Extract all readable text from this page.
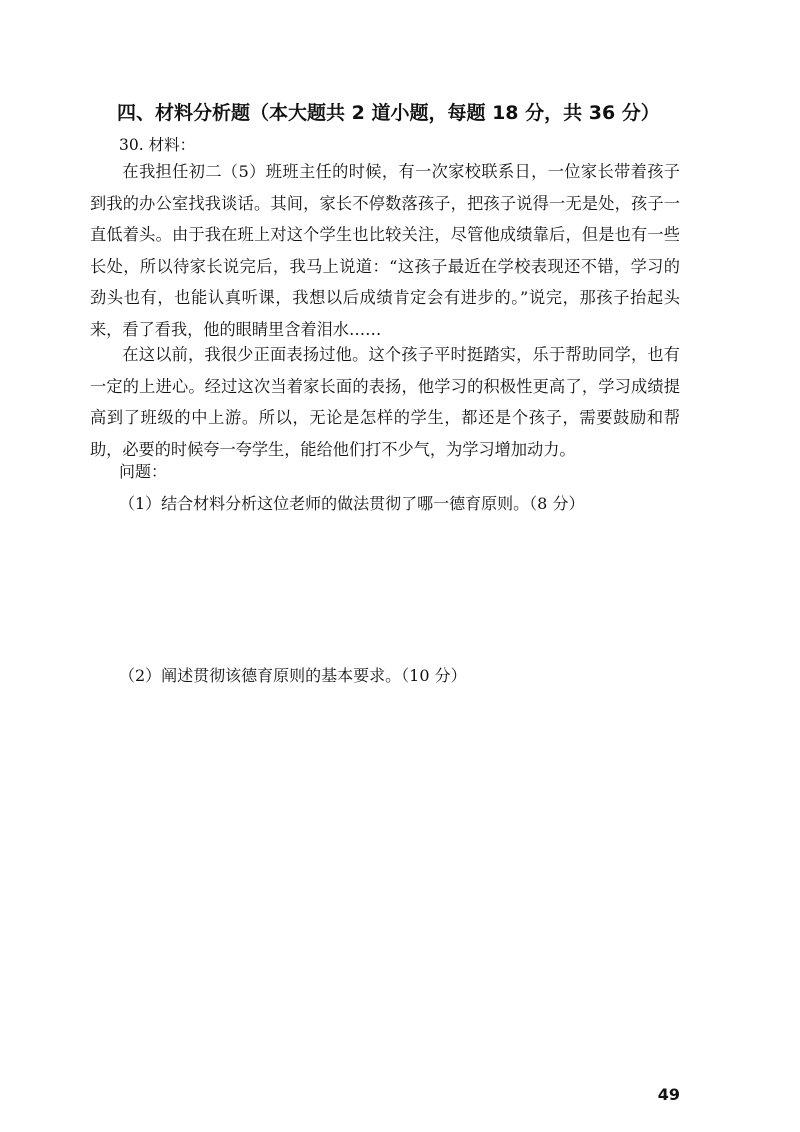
四、材料分析题（本大题共 2 道小题，每题 18 分，共 36 分）
30. 材料：

在我担任初二（5）班班主任的时候，有一次家校联系日，一位家长带着孩子到我的办公室找我谈话。其间，家长不停数落孩子，把孩子说得一无是处，孩子一直低着头。由于我在班上对这个学生也比较关注，尽管他成绩靠后，但是也有一些长处，所以待家长说完后，我马上说道：“这孩子最近在学校表现还不错，学习的劲头也有，也能认真听课，我想以后成绩肯定会有进步的。”说完，那孩子抬起头来，看了看我，他的眼睛里含着泪水……

在这以前，我很少正面表扬过他。这个孩子平时挺踏实，乐于帮助同学，也有一定的上进心。经过这次当着家长面的表扬，他学习的积极性更高了，学习成绩提高到了班级的中上游。所以，无论是怎样的学生，都还是个孩子，需要鼓励和帮助，必要的时候夸一夸学生，能给他们打不少气，为学习增加动力。

问题：
（1）结合材料分析这位老师的做法贯彻了哪一德育原则。（8 分）
（2）阐述贯彻该德育原则的基本要求。（10 分）
49
